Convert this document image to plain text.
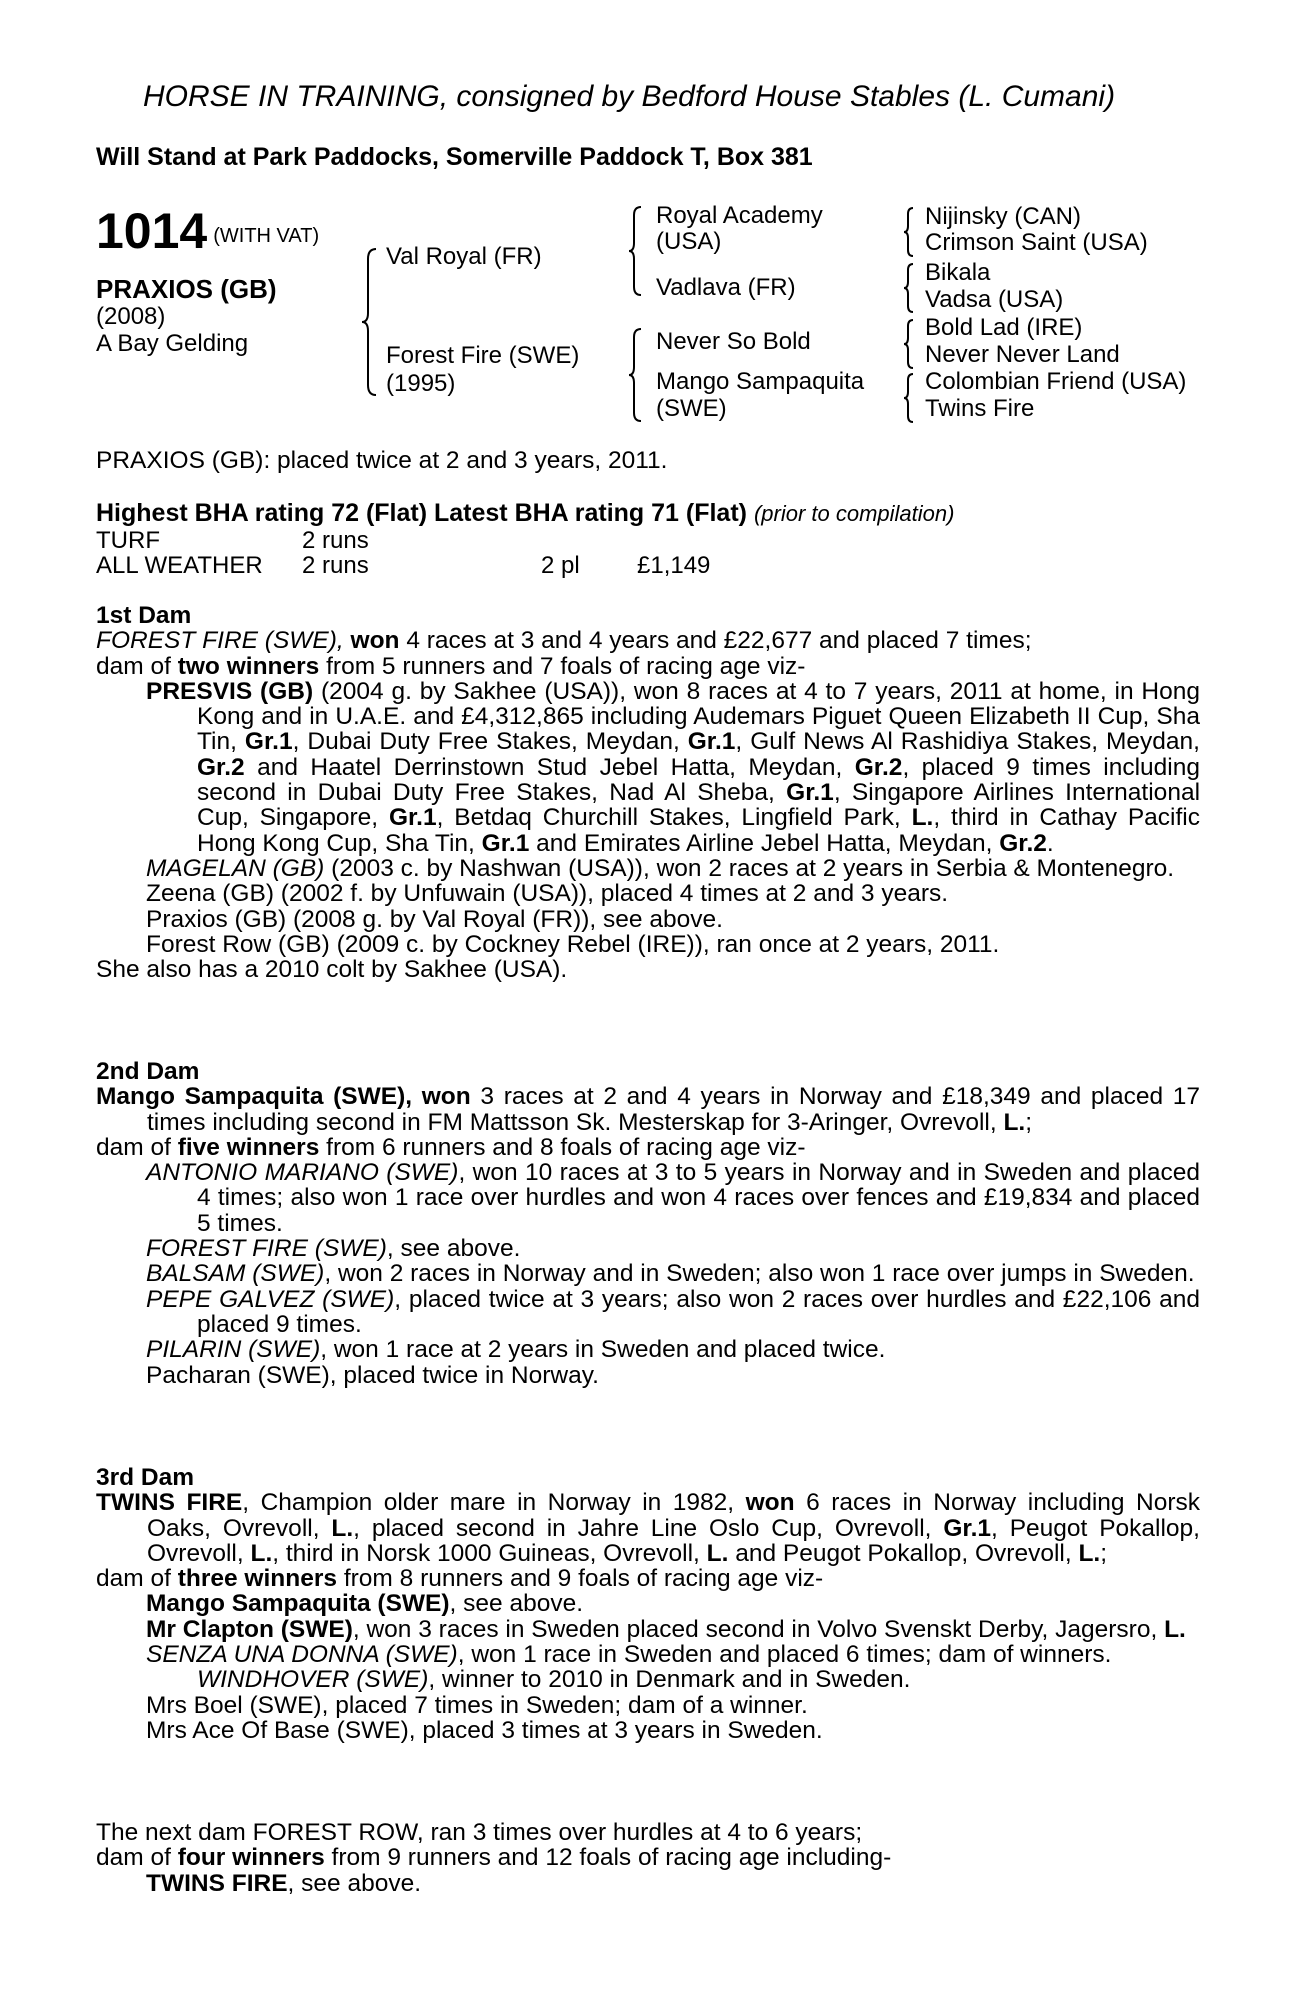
HORSE IN TRAINING, consigned by Bedford House Stables (L. Cumani)
Will Stand at Park Paddocks, Somerville Paddock T, Box 381
1014 (WITH VAT)
PRAXIOS (GB)
(2008)
A Bay Gelding
Val Royal (FR)
Forest Fire (SWE)
(1995)
Royal Academy
(USA)
Vadlava (FR)
Never So Bold
Mango Sampaquita
(SWE)
Nijinsky (CAN)
Crimson Saint (USA)
Bikala
Vadsa (USA)
Bold Lad (IRE)
Never Never Land
Colombian Friend (USA)
Twins Fire
PRAXIOS (GB): placed twice at 2 and 3 years, 2011.
Highest BHA rating 72 (Flat) Latest BHA rating 71 (Flat) (prior to compilation)
TURF	2 runs
ALL WEATHER 2 runs	2 pl £1,149

1st Dam

FOREST FIRE (SWE), won 4 races at 3 and 4 years and £22,677 and placed 7 times;

dam of two winners from 5 runners and 7 foals of racing age viz-

PRESVIS (GB) (2004 g. by Sakhee (USA)), won 8 races at 4 to 7 years, 2011 at home, in Hong Kong and in U.A.E. and £4,312,865 including Audemars Piguet Queen Elizabeth II Cup, Sha Tin, Gr.1, Dubai Duty Free Stakes, Meydan, Gr.1, Gulf News Al Rashidiya Stakes, Meydan, Gr.2 and Haatel Derrinstown Stud Jebel Hatta, Meydan, Gr.2, placed 9 times including second in Dubai Duty Free Stakes, Nad Al Sheba, Gr.1, Singapore Airlines International Cup, Singapore, Gr.1, Betdaq Churchill Stakes, Lingfield Park, L., third in Cathay Pacific Hong Kong Cup, Sha Tin, Gr.1 and Emirates Airline Jebel Hatta, Meydan, Gr.2.

MAGELAN (GB) (2003 c. by Nashwan (USA)), won 2 races at 2 years in Serbia & Montenegro.

Zeena (GB) (2002 f. by Unfuwain (USA)), placed 4 times at 2 and 3 years.

Praxios (GB) (2008 g. by Val Royal (FR)), see above.

Forest Row (GB) (2009 c. by Cockney Rebel (IRE)), ran once at 2 years, 2011.

She also has a 2010 colt by Sakhee (USA).

2nd Dam

Mango Sampaquita (SWE), won 3 races at 2 and 4 years in Norway and £18,349 and placed 17 times including second in FM Mattsson Sk. Mesterskap for 3-Aringer, Ovrevoll, L.;

dam of five winners from 6 runners and 8 foals of racing age viz-

ANTONIO MARIANO (SWE), won 10 races at 3 to 5 years in Norway and in Sweden and placed 4 times; also won 1 race over hurdles and won 4 races over fences and £19,834 and placed 5 times.

FOREST FIRE (SWE), see above.

BALSAM (SWE), won 2 races in Norway and in Sweden; also won 1 race over jumps in Sweden.

PEPE GALVEZ (SWE), placed twice at 3 years; also won 2 races over hurdles and £22,106 and placed 9 times.

PILARIN (SWE), won 1 race at 2 years in Sweden and placed twice.

Pacharan (SWE), placed twice in Norway.

3rd Dam

TWINS FIRE, Champion older mare in Norway in 1982, won 6 races in Norway including Norsk Oaks, Ovrevoll, L., placed second in Jahre Line Oslo Cup, Ovrevoll, Gr.1, Peugot Pokallop, Ovrevoll, L., third in Norsk 1000 Guineas, Ovrevoll, L. and Peugot Pokallop, Ovrevoll, L.;

dam of three winners from 8 runners and 9 foals of racing age viz-

Mango Sampaquita (SWE), see above.

Mr Clapton (SWE), won 3 races in Sweden placed second in Volvo Svenskt Derby, Jagersro, L.

SENZA UNA DONNA (SWE), won 1 race in Sweden and placed 6 times; dam of winners.

WINDHOVER (SWE), winner to 2010 in Denmark and in Sweden.

Mrs Boel (SWE), placed 7 times in Sweden; dam of a winner.

Mrs Ace Of Base (SWE), placed 3 times at 3 years in Sweden.

The next dam FOREST ROW, ran 3 times over hurdles at 4 to 6 years;

dam of four winners from 9 runners and 12 foals of racing age including-

TWINS FIRE, see above.
